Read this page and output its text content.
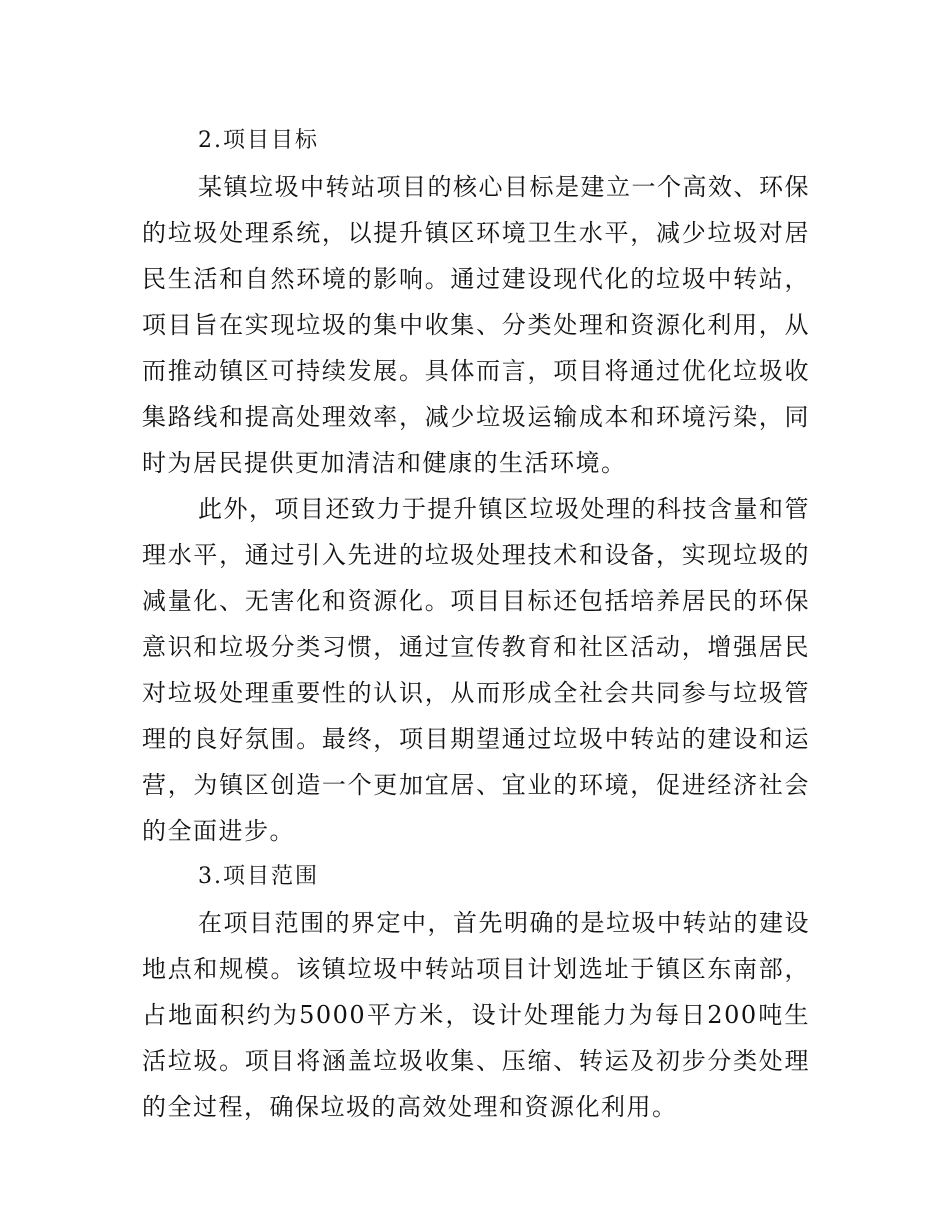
2.项目目标

某镇垃圾中转站项目的核心目标是建立一个高效、环保的垃圾处理系统，以提升镇区环境卫生水平，减少垃圾对居民生活和自然环境的影响。通过建设现代化的垃圾中转站，项目旨在实现垃圾的集中收集、分类处理和资源化利用，从而推动镇区可持续发展。具体而言，项目将通过优化垃圾收集路线和提高处理效率，减少垃圾运输成本和环境污染，同时为居民提供更加清洁和健康的生活环境。

此外，项目还致力于提升镇区垃圾处理的科技含量和管理水平，通过引入先进的垃圾处理技术和设备，实现垃圾的减量化、无害化和资源化。项目目标还包括培养居民的环保意识和垃圾分类习惯，通过宣传教育和社区活动，增强居民对垃圾处理重要性的认识，从而形成全社会共同参与垃圾管理的良好氛围。最终，项目期望通过垃圾中转站的建设和运营，为镇区创造一个更加宜居、宜业的环境，促进经济社会的全面进步。

3.项目范围

在项目范围的界定中，首先明确的是垃圾中转站的建设地点和规模。该镇垃圾中转站项目计划选址于镇区东南部，占地面积约为5000平方米，设计处理能力为每日200吨生活垃圾。项目将涵盖垃圾收集、压缩、转运及初步分类处理的全过程，确保垃圾的高效处理和资源化利用。
